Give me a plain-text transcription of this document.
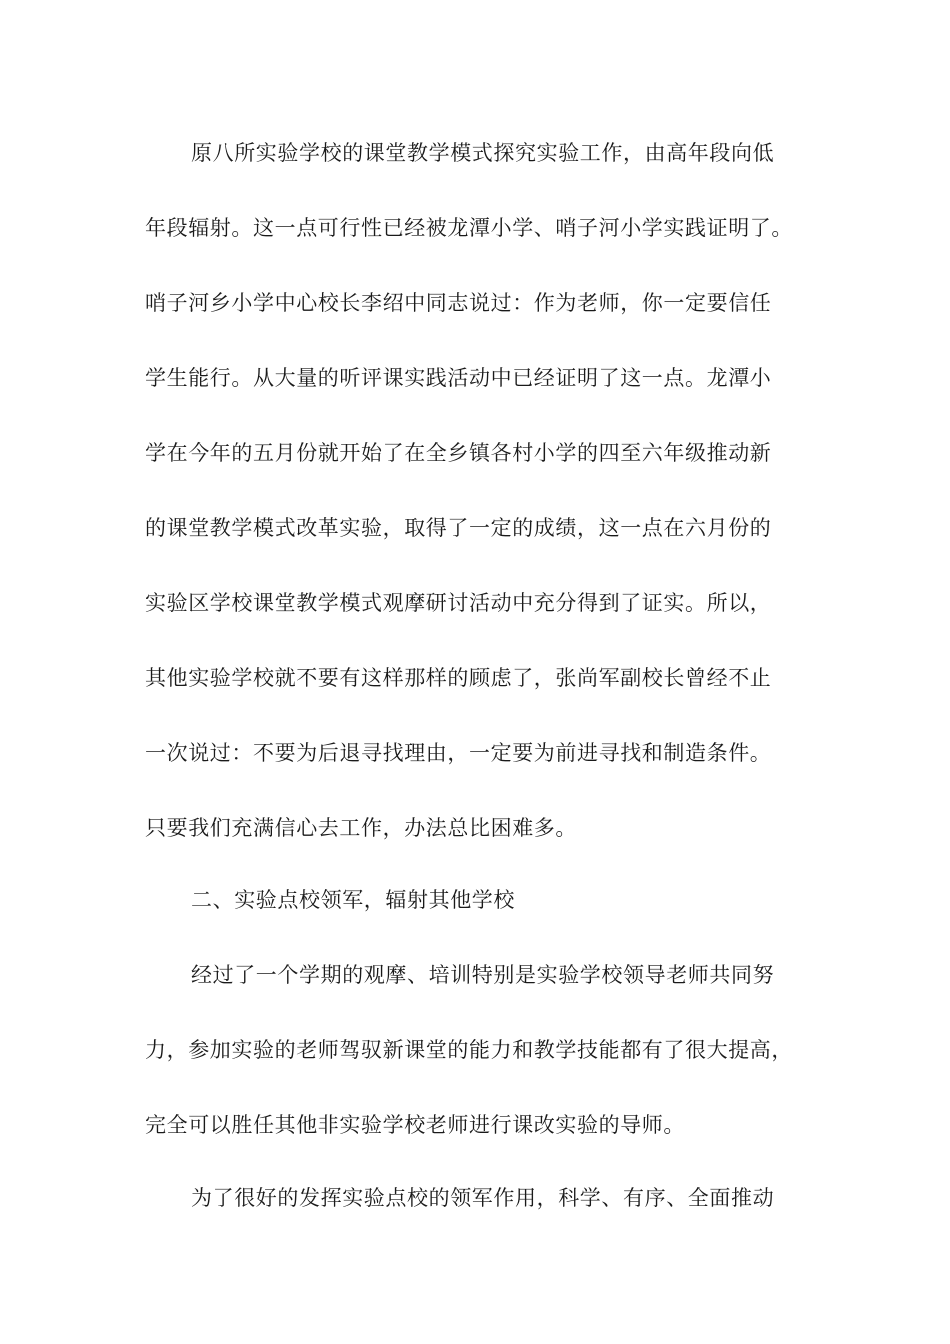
原八所实验学校的课堂教学模式探究实验工作，由高年段向低
年段辐射。这一点可行性已经被龙潭小学、哨子河小学实践证明了。
哨子河乡小学中心校长李绍中同志说过：作为老师，你一定要信任
学生能行。从大量的听评课实践活动中已经证明了这一点。龙潭小
学在今年的五月份就开始了在全乡镇各村小学的四至六年级推动新
的课堂教学模式改革实验，取得了一定的成绩，这一点在六月份的
实验区学校课堂教学模式观摩研讨活动中充分得到了证实。所以，
其他实验学校就不要有这样那样的顾虑了，张尚军副校长曾经不止
一次说过：不要为后退寻找理由，一定要为前进寻找和制造条件。
只要我们充满信心去工作，办法总比困难多。
二、实验点校领军，辐射其他学校
经过了一个学期的观摩、培训特别是实验学校领导老师共同努
力，参加实验的老师驾驭新课堂的能力和教学技能都有了很大提高，
完全可以胜任其他非实验学校老师进行课改实验的导师。
为了很好的发挥实验点校的领军作用，科学、有序、全面推动
